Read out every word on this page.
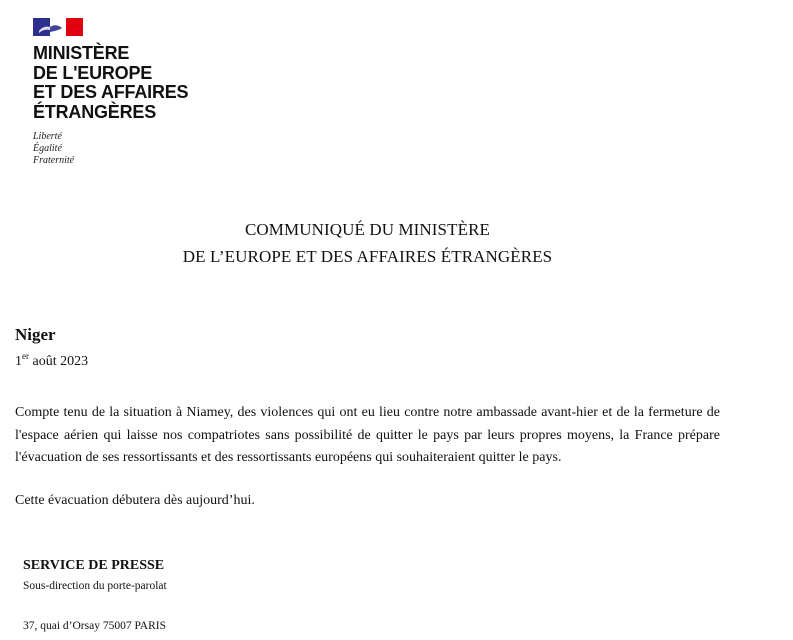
MINISTÈRE
DE L'EUROPE
ET DES AFFAIRES
ÉTRANGÈRES
Liberté
Égalité
Fraternité
COMMUNIQUÉ DU MINISTÈRE
DE L’EUROPE ET DES AFFAIRES ÉTRANGÈRES
Niger
1er août 2023

Compte tenu de la situation à Niamey, des violences qui ont eu lieu contre notre ambassade avant-hier et de la fermeture de l'espace aérien qui laisse nos compatriotes sans possibilité de quitter le pays par leurs propres moyens, la France prépare l'évacuation de ses ressortissants et des ressortissants européens qui souhaiteraient quitter le pays.

Cette évacuation débutera dès aujourd’hui.

SERVICE DE PRESSE
Sous-direction du porte-parolat
37, quai d’Orsay 75007 PARIS
